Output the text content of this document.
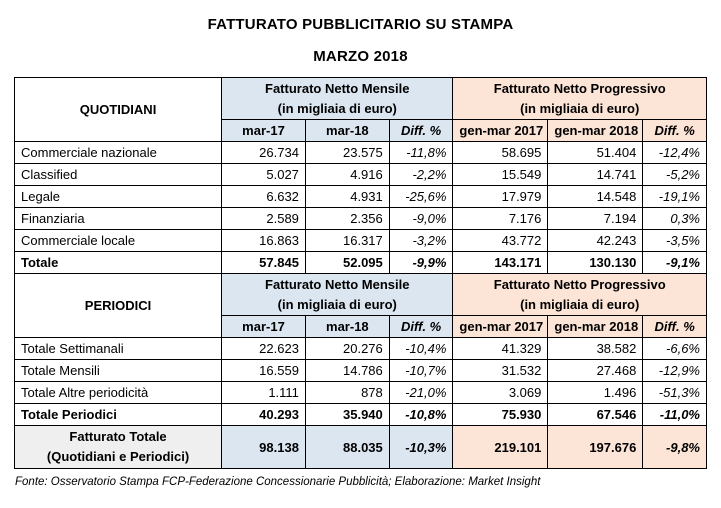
FATTURATO PUBBLICITARIO SU STAMPA
MARZO 2018
QUOTIDIANI	
Fatturato Netto Mensile
(in migliaia di euro)

Fatturato Netto Progressivo
(in migliaia di euro)

	mar-17	mar-18	Diff. %	gen-mar 2017	gen-mar 2018	Diff. %
Commerciale nazionale	26.734	23.575	-11,8%	58.695	51.404	-12,4%
Classified	5.027	4.916	-2,2%	15.549	14.741	-5,2%
Legale	6.632	4.931	-25,6%	17.979	14.548	-19,1%
Finanziaria	2.589	2.356	-9,0%	7.176	7.194	0,3%
Commerciale locale	16.863	16.317	-3,2%	43.772	42.243	-3,5%
Totale	57.845	52.095	-9,9%	143.171	130.130	-9,1%
PERIODICI	
Fatturato Netto Mensile
(in migliaia di euro)

Fatturato Netto Progressivo
(in migliaia di euro)

	mar-17	mar-18	Diff. %	gen-mar 2017	gen-mar 2018	Diff. %
Totale Settimanali	22.623	20.276	-10,4%	41.329	38.582	-6,6%
Totale Mensili	16.559	14.786	-10,7%	31.532	27.468	-12,9%
Totale Altre periodicità	1.111	878	-21,0%	3.069	1.496	-51,3%
Totale Periodici	40.293	35.940	-10,8%	75.930	67.546	-11,0%

Fatturato Totale
(Quotidiani e Periodici)	98.138	88.035	-10,3%	219.101	197.676	-9,8%
Fonte: Osservatorio Stampa FCP-Federazione Concessionarie Pubblicità; Elaborazione: Market Insight
